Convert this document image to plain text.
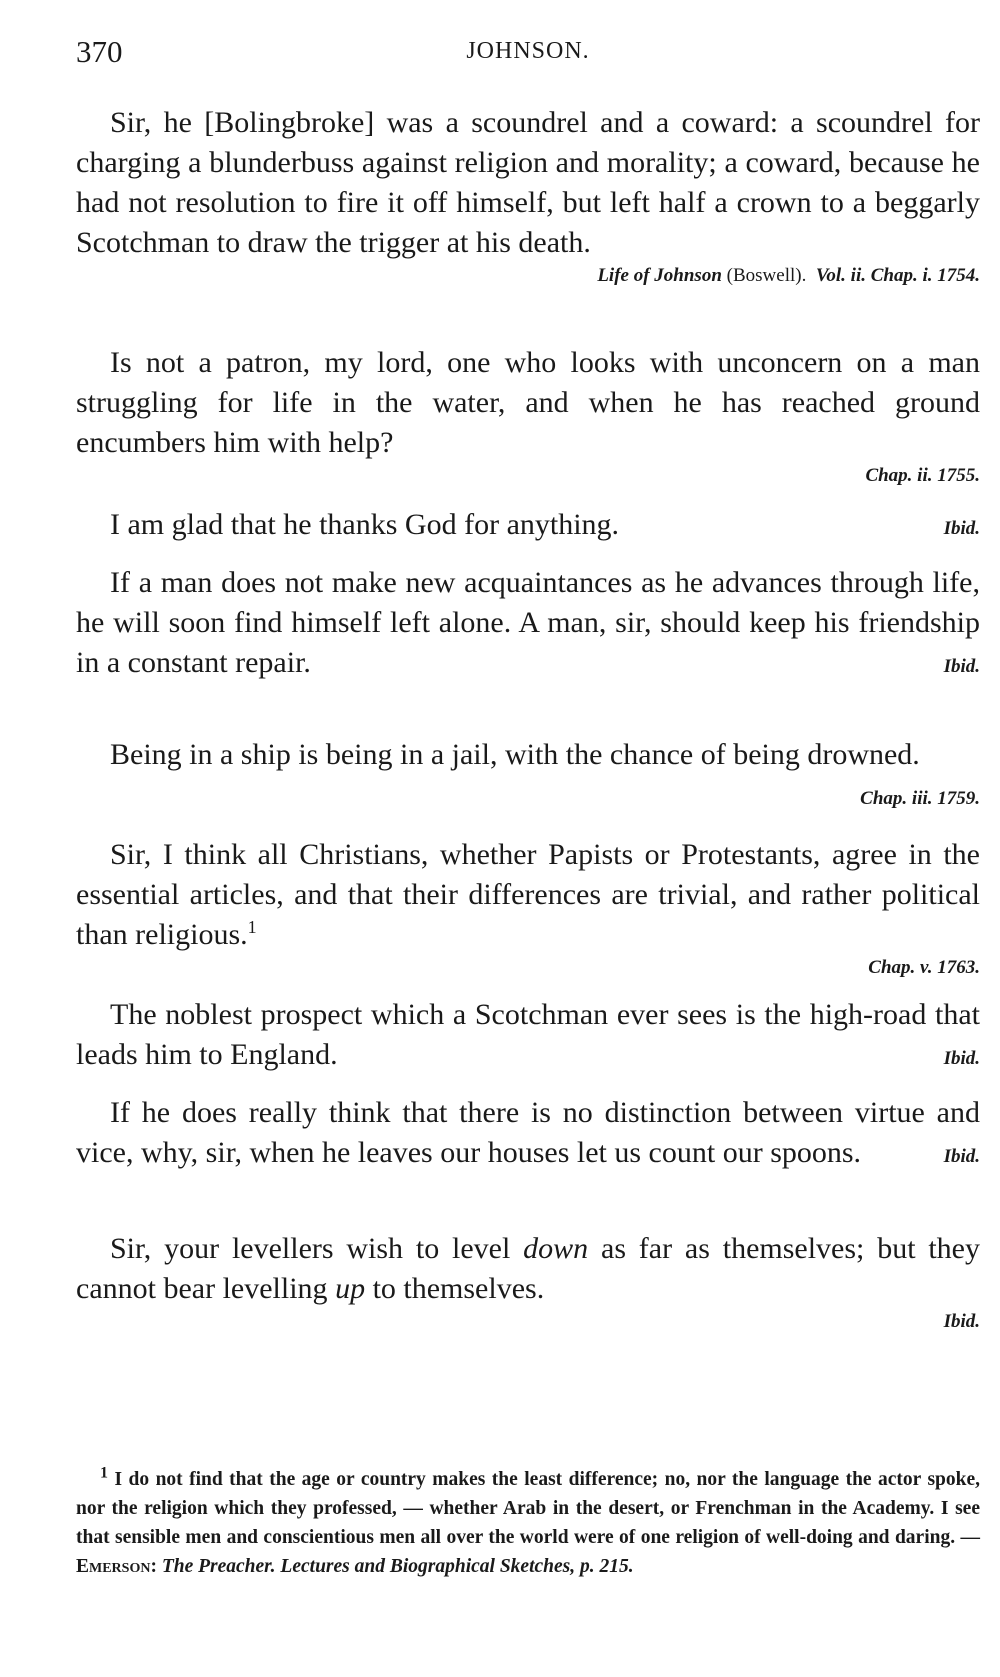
370	JOHNSON.

Sir, he [Bolingbroke] was a scoundrel and a coward: a scoundrel for charging a blunderbuss against religion and morality; a coward, because he had not resolution to fire it off himself, but left half a crown to a beggarly Scotchman to draw the trigger at his death.

Life of Johnson (Boswell). Vol. ii. Chap. i. 1754.

Is not a patron, my lord, one who looks with unconcern on a man struggling for life in the water, and when he has reached ground encumbers him with help?

Chap. ii. 1755.

I am glad that he thanks God for anything.	Ibid.

If a man does not make new acquaintances as he advances through life, he will soon find himself left alone. A man, sir, should keep his friendship in a constant repair.	Ibid.

Being in a ship is being in a jail, with the chance of being drowned.
Chap. iii. 1759.

Sir, I think all Christians, whether Papists or Protestants, agree in the essential articles, and that their differences are trivial, and rather political than religious.$^1$

Chap. v. 1763.

The noblest prospect which a Scotchman ever sees is the high-road that leads him to England.	Ibid.

If he does really think that there is no distinction between virtue and vice, why, sir, when he leaves our houses let us count our spoons.	Ibid.

Sir, your levellers wish to level down as far as themselves; but they cannot bear levelling up to themselves.

Ibid.
$^1$ I do not find that the age or country makes the least difference; no, nor the language the actor spoke, nor the religion which they professed, — whether Arab in the desert, or Frenchman in the Academy. I see that sensible men and conscientious men all over the world were of one religion of well-doing and daring. — Emerson: The Preacher. Lectures and Biographical Sketches, p. 215.
